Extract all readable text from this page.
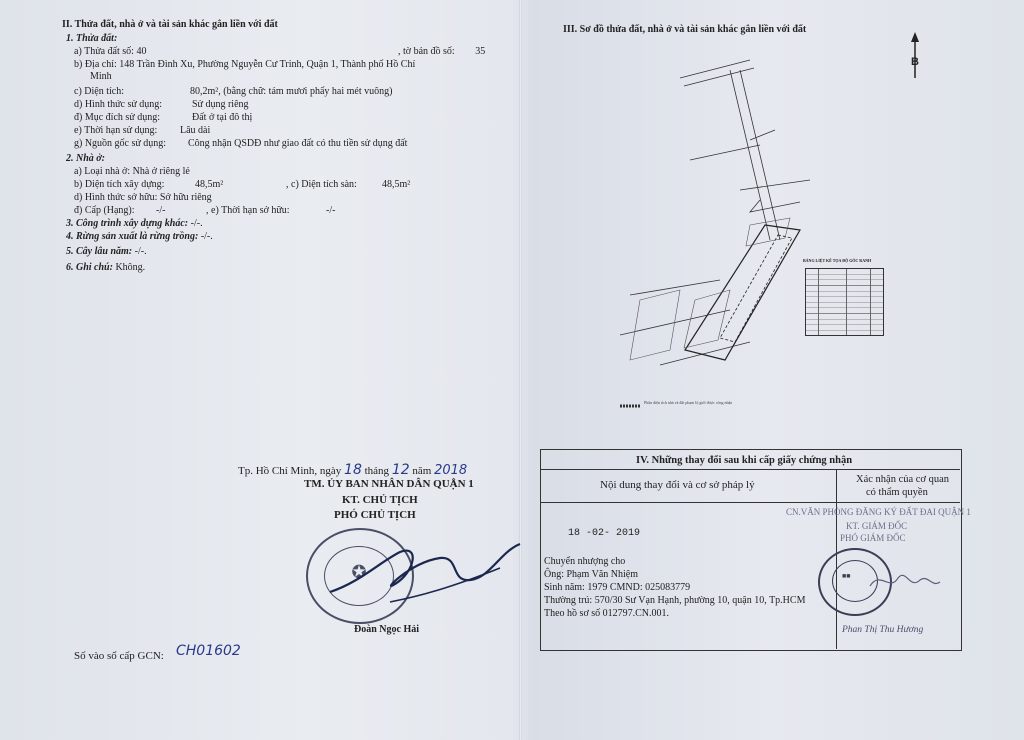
II. Thửa đất, nhà ở và tài sản khác gắn liền với đất
1. Thửa đất:
a) Thửa đất số: 40	, tờ bản đồ số: 35
b) Địa chỉ: 148 Trần Đình Xu, Phường Nguyễn Cư Trinh, Quận 1, Thành phố Hồ Chí
Minh
c) Diện tích:	80,2m², (bằng chữ: tám mươi phẩy hai mét vuông)
d) Hình thức sử dụng:	Sử dụng riêng
đ) Mục đích sử dụng:	Đất ở tại đô thị
e) Thời hạn sử dụng: Lâu dài
g) Nguồn gốc sử dụng: Công nhận QSDĐ như giao đất có thu tiền sử dụng đất
2. Nhà ở:
a) Loại nhà ở: Nhà ở riêng lẻ
b) Diện tích xây dựng:	48,5m²	, c) Diện tích sàn:	48,5m²
d) Hình thức sở hữu: Sở hữu riêng
đ) Cấp (Hạng): -/-	, e) Thời hạn sở hữu:	-/-
3. Công trình xây dựng khác: -/-.
4. Rừng sản xuất là rừng trồng: -/-.
5. Cây lâu năm: -/-.
6. Ghi chú: Không.
Tp. Hồ Chí Minh, ngày 18 tháng 12 năm 2018
TM. ỦY BAN NHÂN DÂN QUẬN 1
KT. CHỦ TỊCH
PHÓ CHỦ TỊCH
✪
Đoàn Ngọc Hải
Số vào sổ cấp GCN: CH01602
III. Sơ đồ thửa đất, nhà ở và tài sản khác gắn liền với đất
B
Phần diện tích nhà và đất phạm lộ giới được công nhận
BẢNG LIỆT KÊ TỌA ĐỘ GÓC RANH
IV. Những thay đổi sau khi cấp giấy chứng nhận
Nội dung thay đổi và cơ sở pháp lý	Xác nhận của cơ quan
có thẩm quyền
18 -02- 2019
Chuyển nhượng cho
Ông: Phạm Văn Nhiệm
Sinh năm: 1979 CMND: 025083779
Thường trú: 570/30 Sư Vạn Hạnh, phường 10, quận 10, Tp.HCM
Theo hồ sơ số 012797.CN.001.
CN.VĂN PHÒNG ĐĂNG KÝ ĐẤT ĐAI QUẬN 1
KT. GIÁM ĐỐC
PHÓ GIÁM ĐỐC
■■
Phan Thị Thu Hương
